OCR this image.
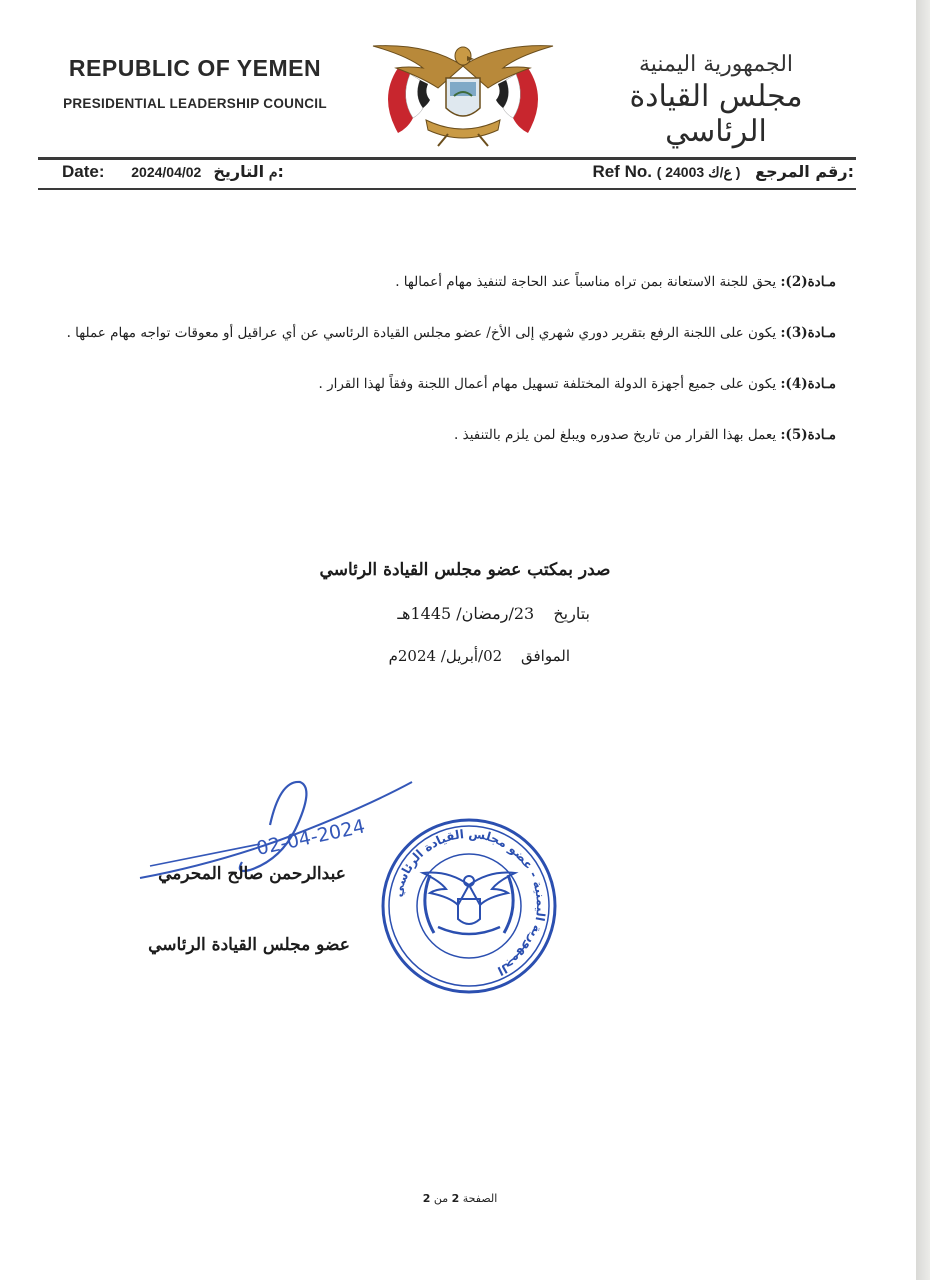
REPUBLIC OF YEMEN
PRESIDENTIAL LEADERSHIP COUNCIL
الجمهورية اليمنية
مجلس القيادة الرئاسي
Date: 2024/04/02م التاريخ:	Ref No. ( 24003 ع/ك ) رقم المرجع:
مـادة(2): يحق للجنة الاستعانة بمن تراه مناسباً عند الحاجة لتنفيذ مهام أعمالها .
مـادة(3): يكون على اللجنة الرفع بتقرير دوري شهري إلى الأخ/ عضو مجلس القيادة الرئاسي عن أي عراقيل أو معوقات تواجه مهام عملها .
مـادة(4): يكون على جميع أجهزة الدولة المختلفة تسهيل مهام أعمال اللجنة وفقاً لهذا القرار .
مـادة(5): يعمل بهذا القرار من تاريخ صدوره ويبلغ لمن يلزم بالتنفيذ .
صدر بمكتب عضو مجلس القيادة الرئاسي
بتاريخ 23/رمضان/ 1445هـ
الموافق 02/أبريل/ 2024م
02-04-2024
عبدالرحمن صالح المحرمي
عضو مجلس القيادة الرئاسي
الجمهورية اليمنية - عضو مجلس القيادة الرئاسي
الصفحة 2 من 2
